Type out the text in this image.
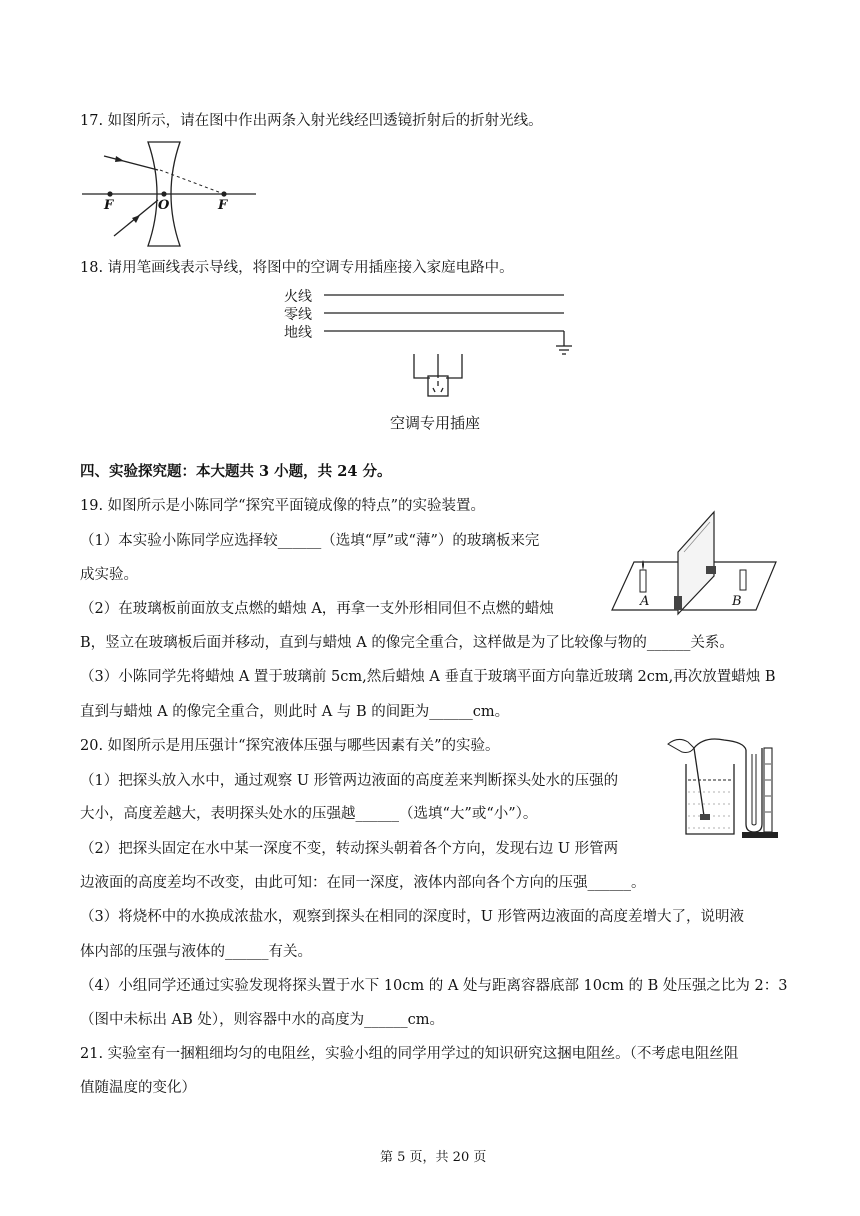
17. 如图所示，请在图中作出两条入射光线经凹透镜折射后的折射光线。
F	O	F
18. 请用笔画线表示导线，将图中的空调专用插座接入家庭电路中。
火线
零线
地线
空调专用插座
四、实验探究题：本大题共 3 小题，共 24 分。
19. 如图所示是小陈同学“探究平面镜成像的特点”的实验装置。
（1）本实验小陈同学应选择较______（选填“厚”或“薄”）的玻璃板来完
成实验。
（2）在玻璃板前面放支点燃的蜡烛 A，再拿一支外形相同但不点燃的蜡烛
B，竖立在玻璃板后面并移动，直到与蜡烛 A 的像完全重合，这样做是为了比较像与物的______关系。
（3）小陈同学先将蜡烛 A 置于玻璃前 5cm,然后蜡烛 A 垂直于玻璃平面方向靠近玻璃 2cm,再次放置蜡烛 B
直到与蜡烛 A 的像完全重合，则此时 A 与 B 的间距为______cm。
A	B
20. 如图所示是用压强计“探究液体压强与哪些因素有关”的实验。
（1）把探头放入水中，通过观察 U 形管两边液面的高度差来判断探头处水的压强的
大小，高度差越大，表明探头处水的压强越______（选填“大”或“小”）。
（2）把探头固定在水中某一深度不变，转动探头朝着各个方向，发现右边 U 形管两
边液面的高度差均不改变，由此可知：在同一深度，液体内部向各个方向的压强______。
（3）将烧杯中的水换成浓盐水，观察到探头在相同的深度时，U 形管两边液面的高度差增大了，说明液
体内部的压强与液体的______有关。
（4）小组同学还通过实验发现将探头置于水下 10cm 的 A 处与距离容器底部 10cm 的 B 处压强之比为 2：3
（图中未标出 AB 处），则容器中水的高度为______cm。
21. 实验室有一捆粗细均匀的电阻丝，实验小组的同学用学过的知识研究这捆电阻丝。（不考虑电阻丝阻
值随温度的变化）
第 5 页，共 20 页
